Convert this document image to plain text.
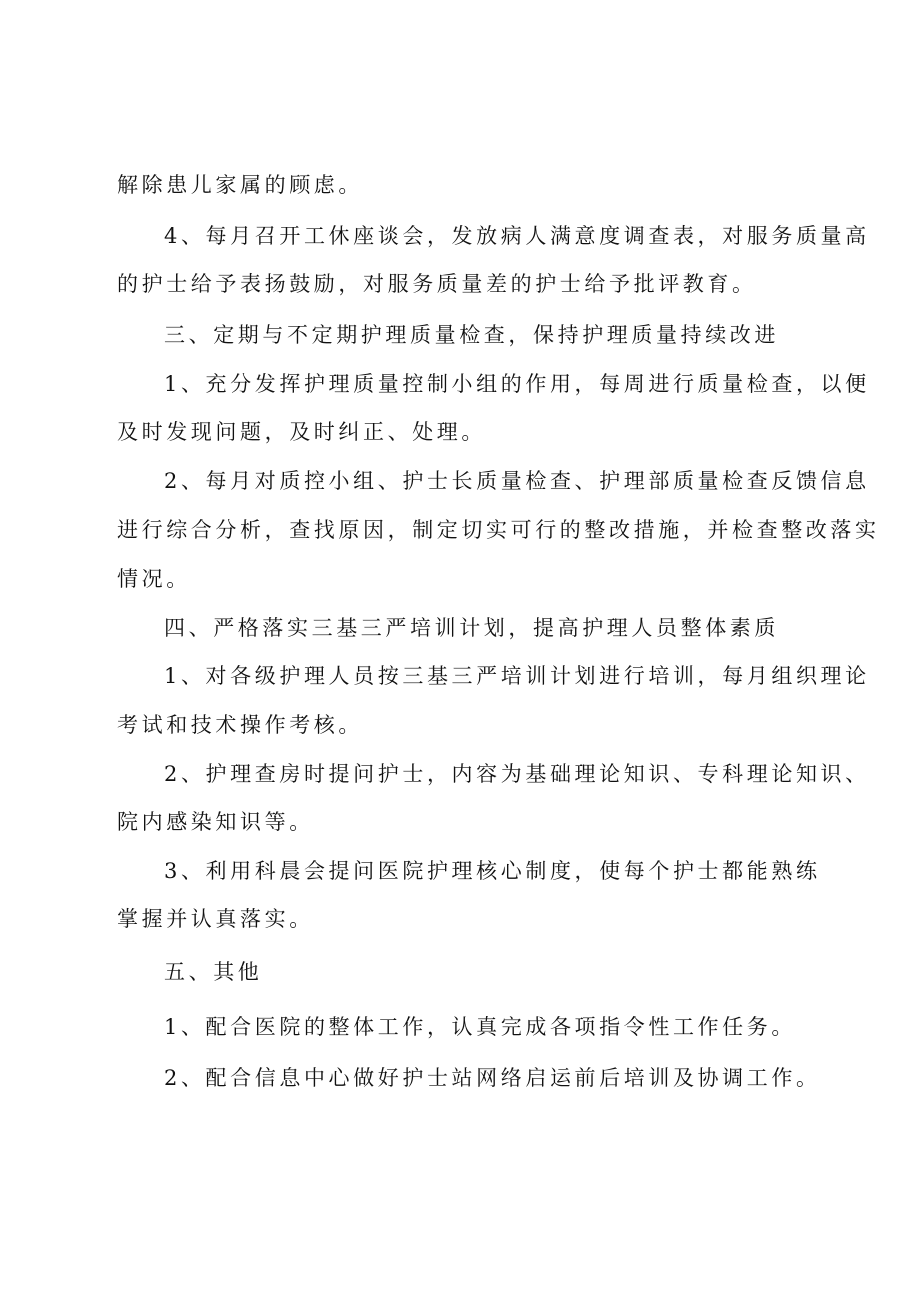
解除患儿家属的顾虑。
4、每月召开工休座谈会，发放病人满意度调查表，对服务质量高
的护士给予表扬鼓励，对服务质量差的护士给予批评教育。
三、定期与不定期护理质量检查，保持护理质量持续改进
1、充分发挥护理质量控制小组的作用，每周进行质量检查，以便
及时发现问题，及时纠正、处理。
2、每月对质控小组、护士长质量检查、护理部质量检查反馈信息
进行综合分析，查找原因，制定切实可行的整改措施，并检查整改落实
情况。
四、严格落实三基三严培训计划，提高护理人员整体素质
1、对各级护理人员按三基三严培训计划进行培训，每月组织理论
考试和技术操作考核。
2、护理查房时提问护士，内容为基础理论知识、专科理论知识、
院内感染知识等。
3、利用科晨会提问医院护理核心制度，使每个护士都能熟练
掌握并认真落实。
五、其他
1、配合医院的整体工作，认真完成各项指令性工作任务。
2、配合信息中心做好护士站网络启运前后培训及协调工作。
